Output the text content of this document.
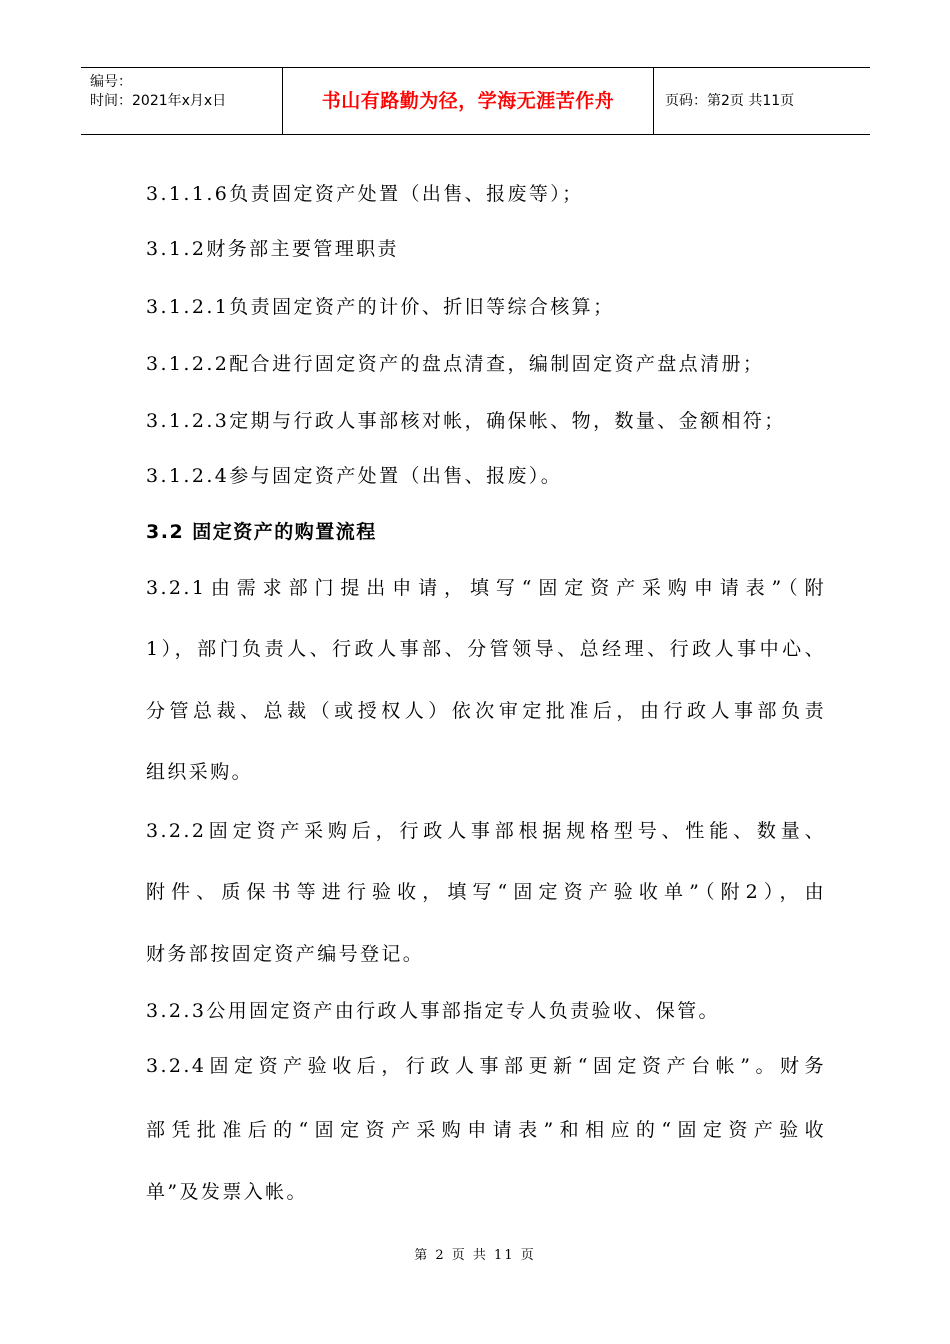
编号：
时间：2021年x月x日	书山有路勤为径，学海无涯苦作舟	页码：第2页 共11页
3.1.1.6负责固定资产处置（出售、报废等）；
3.1.2财务部主要管理职责
3.1.2.1负责固定资产的计价、折旧等综合核算；
3.1.2.2配合进行固定资产的盘点清查，编制固定资产盘点清册；
3.1.2.3定期与行政人事部核对帐，确保帐、物，数量、金额相符；
3.1.2.4参与固定资产处置（出售、报废）。
3.2 固定资产的购置流程
3.2.1由需求部门提出申请，填写“固定资产采购申请表”（附
1），部门负责人、行政人事部、分管领导、总经理、行政人事中心、
分管总裁、总裁（或授权人）依次审定批准后，由行政人事部负责
组织采购。
3.2.2固定资产采购后，行政人事部根据规格型号、性能、数量、
附件、质保书等进行验收，填写“固定资产验收单”（附2），由
财务部按固定资产编号登记。
3.2.3公用固定资产由行政人事部指定专人负责验收、保管。
3.2.4固定资产验收后，行政人事部更新“固定资产台帐”。财务
部凭批准后的“固定资产采购申请表”和相应的“固定资产验收
单”及发票入帐。
第 2 页 共 11 页
